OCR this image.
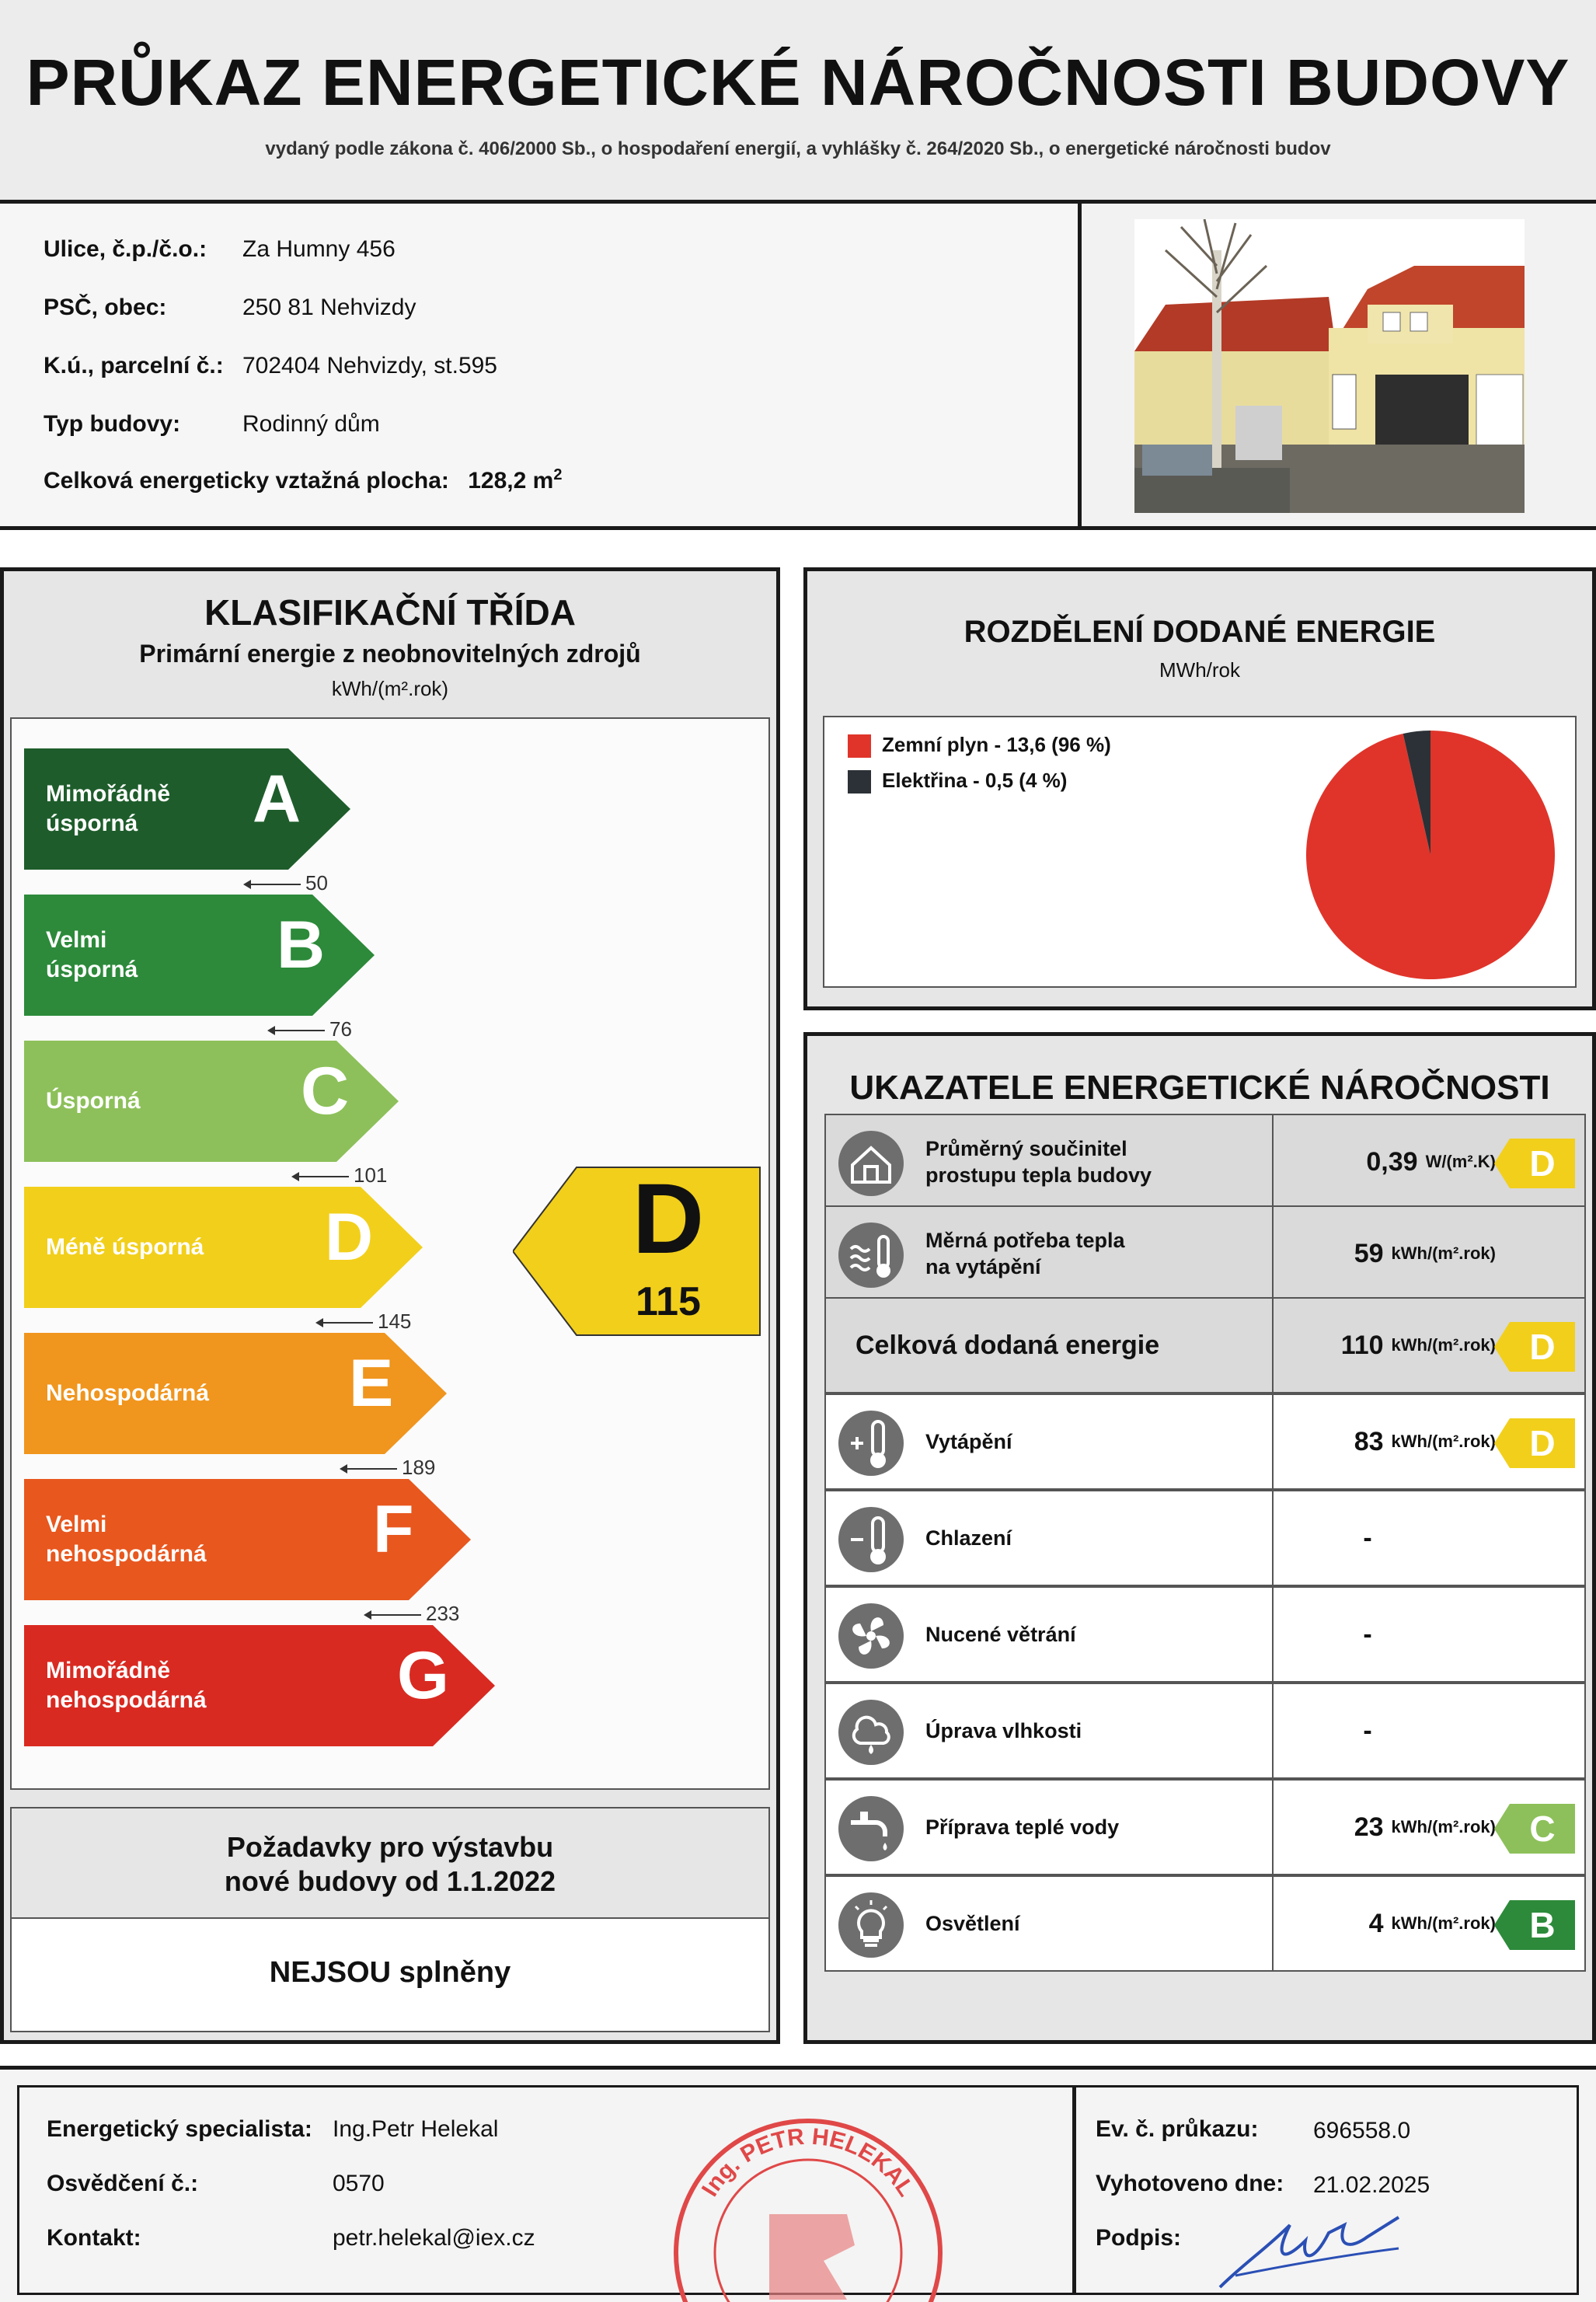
PRŮKAZ ENERGETICKÉ NÁROČNOSTI BUDOVY
vydaný podle zákona č. 406/2000 Sb., o hospodaření energií, a vyhlášky č. 264/2020 Sb., o energetické náročnosti budov
Ulice, č.p./č.o.: Za Humny 456
PSČ, obec:	250 81 Nehvizdy
K.ú., parcelní č.: 702404 Nehvizdy, st.595
Typ budovy:	Rodinný dům
Celková energeticky vztažná plocha: 128,2 $m^2$
KLASIFIKAČNÍ TŘÍDA
Primární energie z neobnovitelných zdrojů
kWh/(m².rok)
Mimořádně
úsporná	A
Velmi
úsporná B
Úsporná C
Méně úsporná D
Nehospodárná E
Velmi
nehospodárná F
Mimořádně
nehospodárná	G
50
76
101
145
189
233
D
115
Požadavky pro výstavbu
nové budovy od 1.1.2022
NEJSOU splněny
ROZDĚLENÍ DODANÉ ENERGIE
MWh/rok
Zemní plyn - 13,6 (96 %)
Elektřina - 0,5 (4 %)
UKAZATELE ENERGETICKÉ NÁROČNOSTI
Průměrný součinitel
prostupu tepla budovy	0,39 W/(m².K) D
Měrná potřeba tepla
na vytápění	59 kWh/(m².rok)
Celková dodaná energie	110 kWh/(m².rok) D
Vytápění	83 kWh/(m².rok) D
Chlazení	-
Nucené větrání	-
Úprava vlhkosti	-
Příprava teplé vody	23 kWh/(m².rok) C
Osvětlení	4 kWh/(m².rok) B
Energetický specialista: Ing.Petr Helekal
Osvědčení č.:	0570
Kontakt:	petr.helekal@iex.cz
Ing. PETR HELEKAL
Ev. č. průkazu: 696558.0
Vyhotoveno dne: 21.02.2025
Podpis:
